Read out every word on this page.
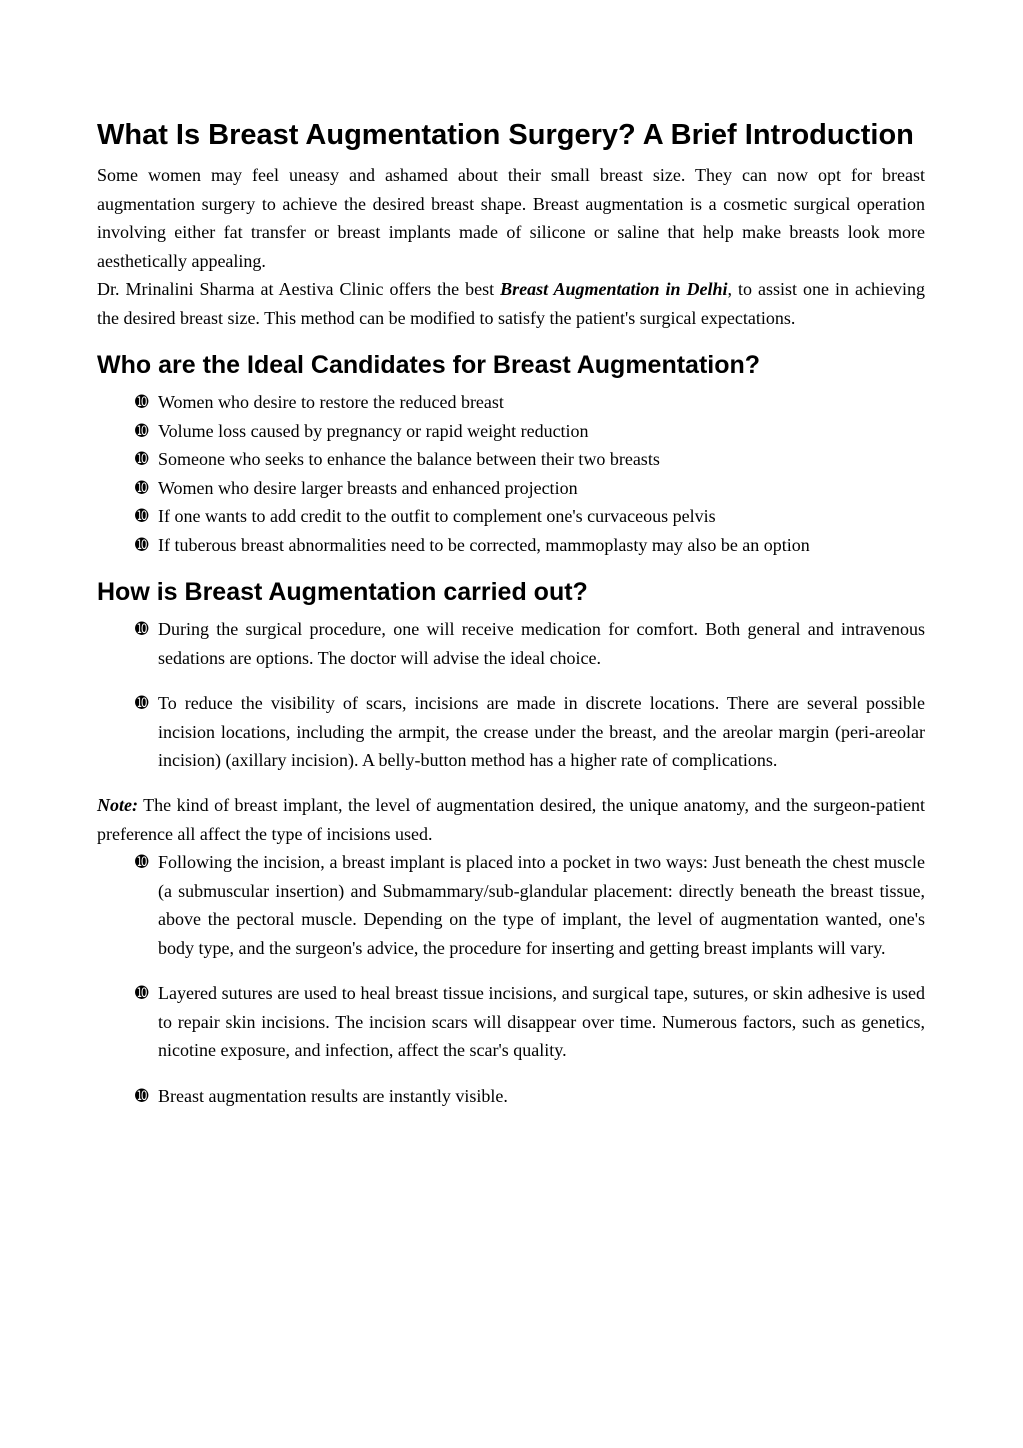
What Is Breast Augmentation Surgery? A Brief Introduction

Some women may feel uneasy and ashamed about their small breast size. They can now opt for breast augmentation surgery to achieve the desired breast shape. Breast augmentation is a cosmetic surgical operation involving either fat transfer or breast implants made of silicone or saline that help make breasts look more aesthetically appealing.

Dr. Mrinalini Sharma at Aestiva Clinic offers the best Breast Augmentation in Delhi, to assist one in achieving the desired breast size. This method can be modified to satisfy the patient's surgical expectations.

Who are the Ideal Candidates for Breast Augmentation?
➓ Women who desire to restore the reduced breast
➓ Volume loss caused by pregnancy or rapid weight reduction
➓ Someone who seeks to enhance the balance between their two breasts
➓ Women who desire larger breasts and enhanced projection
➓ If one wants to add credit to the outfit to complement one's curvaceous pelvis
➓ If tuberous breast abnormalities need to be corrected, mammoplasty may also be an option
How is Breast Augmentation carried out?
➓ During the surgical procedure, one will receive medication for comfort. Both general and intravenous sedations are options. The doctor will advise the ideal choice.
➓ To reduce the visibility of scars, incisions are made in discrete locations. There are several possible incision locations, including the armpit, the crease under the breast, and the areolar margin (peri-areolar incision) (axillary incision). A belly-button method has a higher rate of complications.

Note: The kind of breast implant, the level of augmentation desired, the unique anatomy, and the surgeon-patient preference all affect the type of incisions used.

➓ Following the incision, a breast implant is placed into a pocket in two ways: Just beneath the chest muscle (a submuscular insertion) and Submammary/sub-glandular placement: directly beneath the breast tissue, above the pectoral muscle. Depending on the type of implant, the level of augmentation wanted, one's body type, and the surgeon's advice, the procedure for inserting and getting breast implants will vary.
➓ Layered sutures are used to heal breast tissue incisions, and surgical tape, sutures, or skin adhesive is used to repair skin incisions. The incision scars will disappear over time. Numerous factors, such as genetics, nicotine exposure, and infection, affect the scar's quality.
➓ Breast augmentation results are instantly visible.
